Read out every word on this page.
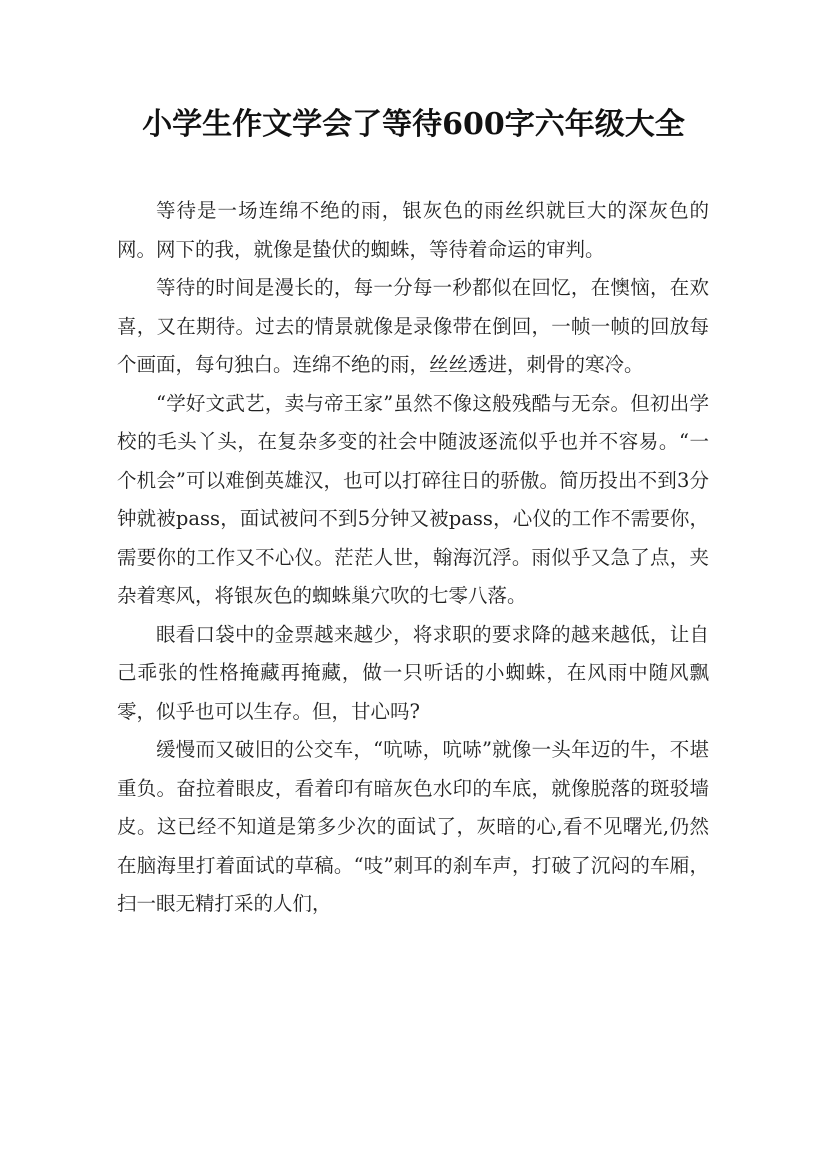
小学生作文学会了等待600字六年级大全

等待是一场连绵不绝的雨，银灰色的雨丝织就巨大的深灰色的网。网下的我，就像是蛰伏的蜘蛛，等待着命运的审判。

等待的时间是漫长的，每一分每一秒都似在回忆，在懊恼，在欢喜，又在期待。过去的情景就像是录像带在倒回，一帧一帧的回放每个画面，每句独白。连绵不绝的雨，丝丝透进，刺骨的寒冷。

“学好文武艺，卖与帝王家”虽然不像这般残酷与无奈。但初出学校的毛头丫头，在复杂多变的社会中随波逐流似乎也并不容易。“一个机会”可以难倒英雄汉，也可以打碎往日的骄傲。简历投出不到3分钟就被pass，面试被问不到5分钟又被pass，心仪的工作不需要你，需要你的工作又不心仪。茫茫人世，翰海沉浮。雨似乎又急了点，夹杂着寒风，将银灰色的蜘蛛巢穴吹的七零八落。

眼看口袋中的金票越来越少，将求职的要求降的越来越低，让自己乖张的性格掩藏再掩藏，做一只听话的小蜘蛛，在风雨中随风飘零，似乎也可以生存。但，甘心吗?

缓慢而又破旧的公交车，“吭哧，吭哧”就像一头年迈的牛，不堪重负。奋拉着眼皮，看着印有暗灰色水印的车底，就像脱落的斑驳墙皮。这已经不知道是第多少次的面试了，灰暗的心,看不见曙光,仍然在脑海里打着面试的草稿。“吱”刺耳的刹车声，打破了沉闷的车厢，扫一眼无精打采的人们，
